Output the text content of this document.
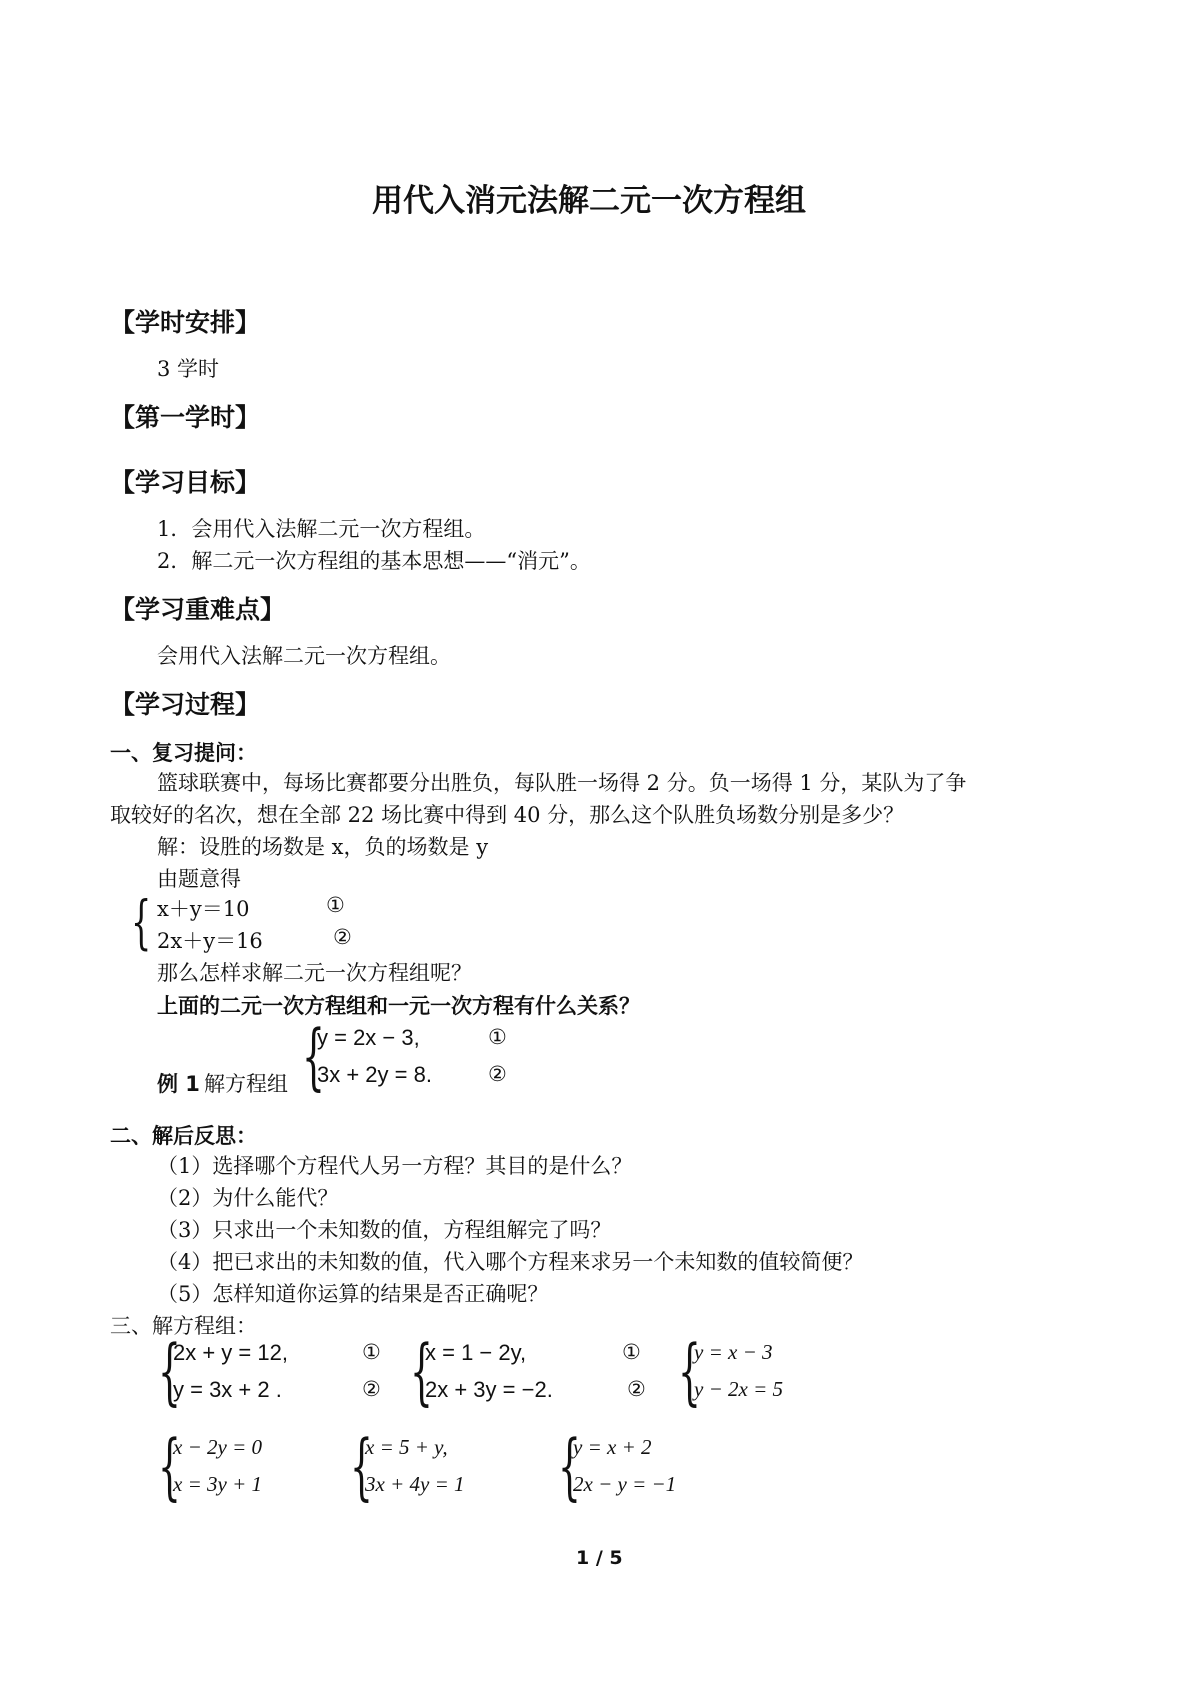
用代入消元法解二元一次方程组
【学时安排】
3 学时
【第一学时】
【学习目标】
1．会用代入法解二元一次方程组。
2．解二元一次方程组的基本思想——“消元”。
【学习重难点】
会用代入法解二元一次方程组。
【学习过程】
一、复习提问：
篮球联赛中，每场比赛都要分出胜负，每队胜一场得 2 分。负一场得 1 分，某队为了争
取较好的名次，想在全部 22 场比赛中得到 40 分，那么这个队胜负场数分别是多少？
解：设胜的场数是 x，负的场数是 y
由题意得
{ x＋y＝10	①
2x＋y＝16	②
那么怎样求解二元一次方程组呢？
上面的二元一次方程组和一元一次方程有什么关系？
{
y = 2x − 3,	①
3x + 2y = 8.	②
例 1 解方程组
二、解后反思：
（1）选择哪个方程代人另一方程？其目的是什么？
（2）为什么能代？
（3）只求出一个未知数的值，方程组解完了吗？
（4）把已求出的未知数的值，代入哪个方程来求另一个未知数的值较简便？
（5）怎样知道你运算的结果是否正确呢？
三、解方程组：
{
2x + y = 12,	①
y = 3x + 2 .	② {
x = 1 − 2y,	①
2x + 3y = −2.	② {
y = x − 3
y − 2x = 5
{
x − 2y = 0
x = 3y + 1 {
x = 5 + y,
3x + 4y = 1 {
y = x + 2
2x − y = −1
1 / 5
